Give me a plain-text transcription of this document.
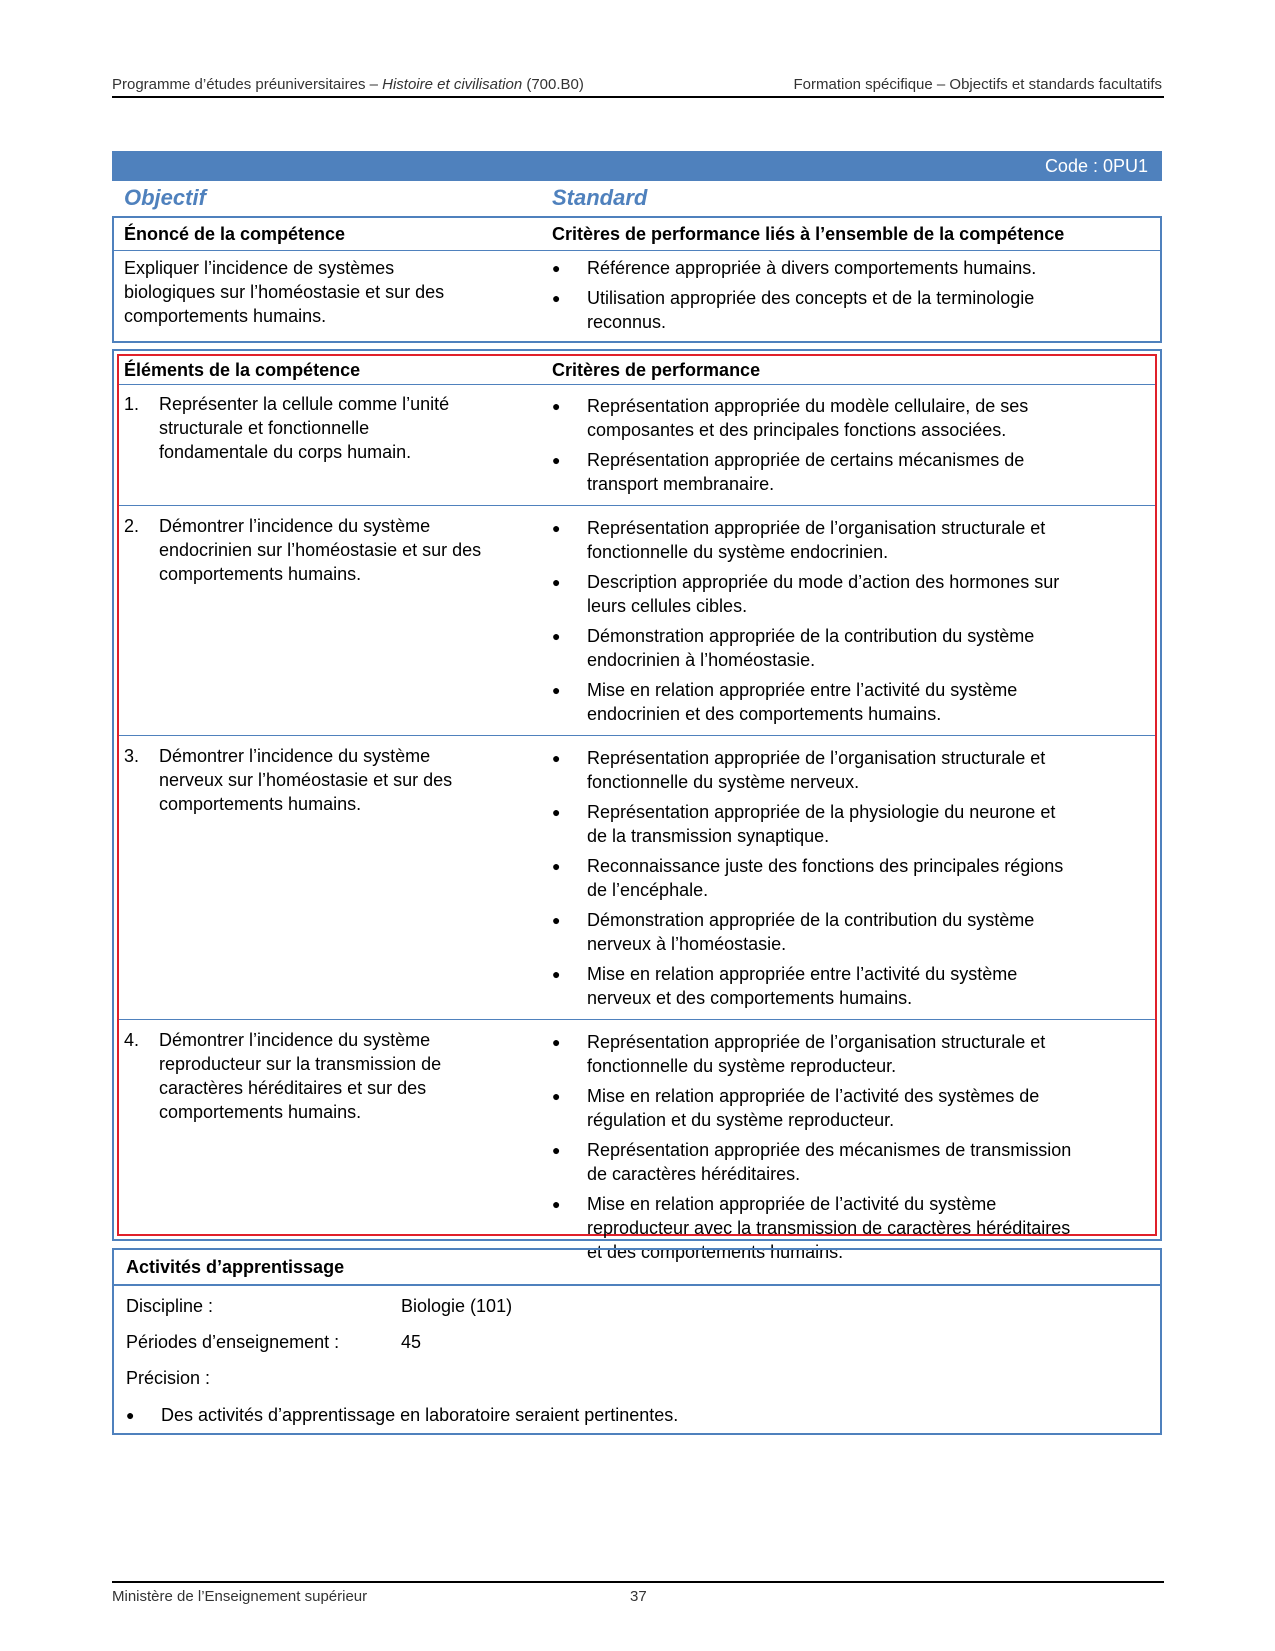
Programme d’études préuniversitaires – Histoire et civilisation (700.B0)	Formation spécifique – Objectifs et standards facultatifs
Code : 0PU1
Objectif	Standard
Énoncé de la compétence	Critères de performance liés à l’ensemble de la compétence
Expliquer l’incidence de systèmes
biologiques sur l’homéostasie et sur des
comportements humains.
● Référence appropriée à divers comportements humains.
● Utilisation appropriée des concepts et de la terminologie
reconnus.
Éléments de la compétence	Critères de performance
1. Représenter la cellule comme l’unité
structurale et fonctionnelle
fondamentale du corps humain.
● Représentation appropriée du modèle cellulaire, de ses
composantes et des principales fonctions associées.
● Représentation appropriée de certains mécanismes de
transport membranaire.
2. Démontrer l’incidence du système
endocrinien sur l’homéostasie et sur des
comportements humains.
● Représentation appropriée de l’organisation structurale et
fonctionnelle du système endocrinien.
● Description appropriée du mode d’action des hormones sur
leurs cellules cibles.
● Démonstration appropriée de la contribution du système
endocrinien à l’homéostasie.
● Mise en relation appropriée entre l’activité du système
endocrinien et des comportements humains.
3. Démontrer l’incidence du système
nerveux sur l’homéostasie et sur des
comportements humains.
● Représentation appropriée de l’organisation structurale et
fonctionnelle du système nerveux.
● Représentation appropriée de la physiologie du neurone et
de la transmission synaptique.
● Reconnaissance juste des fonctions des principales régions
de l’encéphale.
● Démonstration appropriée de la contribution du système
nerveux à l’homéostasie.
● Mise en relation appropriée entre l’activité du système
nerveux et des comportements humains.
4. Démontrer l’incidence du système
reproducteur sur la transmission de
caractères héréditaires et sur des
comportements humains.
● Représentation appropriée de l’organisation structurale et
fonctionnelle du système reproducteur.
● Mise en relation appropriée de l’activité des systèmes de
régulation et du système reproducteur.
● Représentation appropriée des mécanismes de transmission
de caractères héréditaires.
● Mise en relation appropriée de l’activité du système
reproducteur avec la transmission de caractères héréditaires
et des comportements humains.
Activités d’apprentissage
Discipline :	Biologie (101)
Périodes d’enseignement :	45
Précision :
● Des activités d’apprentissage en laboratoire seraient pertinentes.
Ministère de l’Enseignement supérieur	37
